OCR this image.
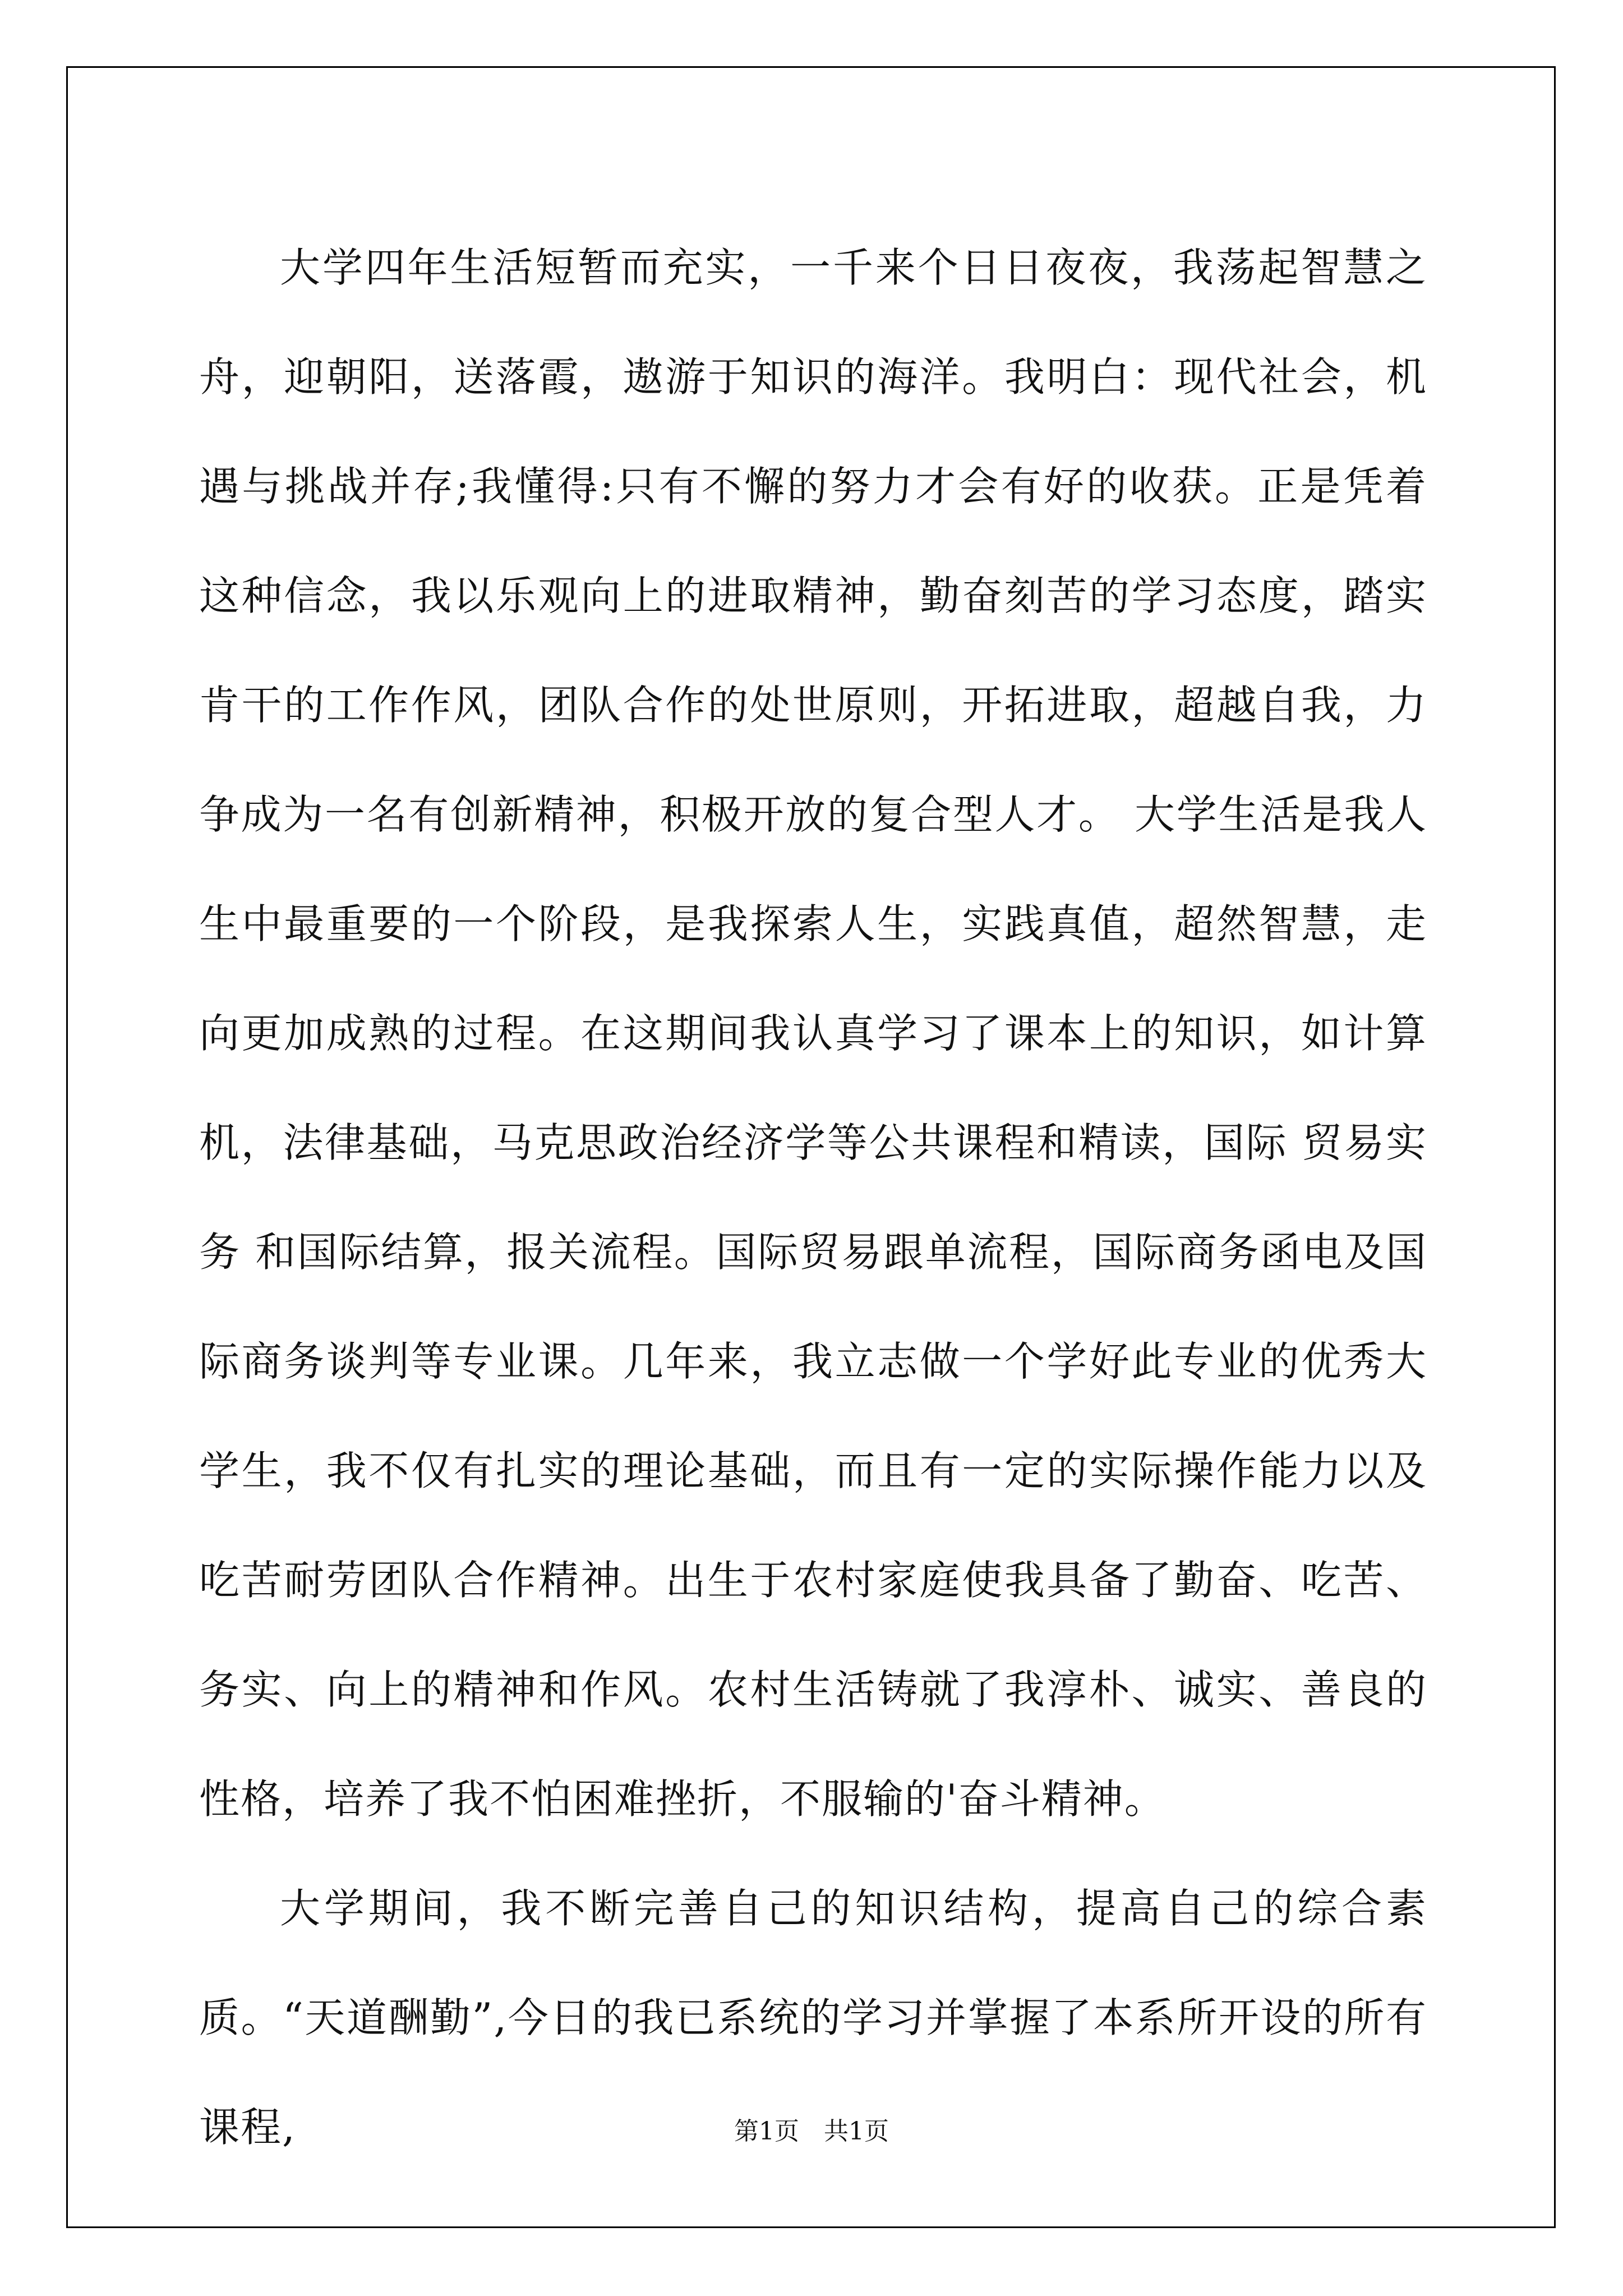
大学四年生活短暂而充实，一千来个日日夜夜，我荡起智慧之舟，迎朝阳，送落霞，遨游于知识的海洋。我明白：现代社会，机遇与挑战并存;我懂得:只有不懈的努力才会有好的收获。正是凭着这种信念，我以乐观向上的进取精神，勤奋刻苦的学习态度，踏实肯干的工作作风，团队合作的处世原则，开拓进取，超越自我，力争成为一名有创新精神，积极开放的复合型人才。 大学生活是我人生中最重要的一个阶段，是我探索人生，实践真值，超然智慧，走向更加成熟的过程。在这期间我认真学习了课本上的知识，如计算机，法律基础，马克思政治经济学等公共课程和精读，国际 贸易实务 和国际结算，报关流程。国际贸易跟单流程，国际商务函电及国际商务谈判等专业课。几年来，我立志做一个学好此专业的优秀大学生，我不仅有扎实的理论基础，而且有一定的实际操作能力以及吃苦耐劳团队合作精神。出生于农村家庭使我具备了勤奋、吃苦、务实、向上的精神和作风。农村生活铸就了我淳朴、诚实、善良的性格，培养了我不怕困难挫折，不服输的'奋斗精神。

大学期间，我不断完善自己的知识结构，提高自己的综合素质。“天道酬勤”,今日的我已系统的学习并掌握了本系所开设的所有课程,	第1页　共1页
